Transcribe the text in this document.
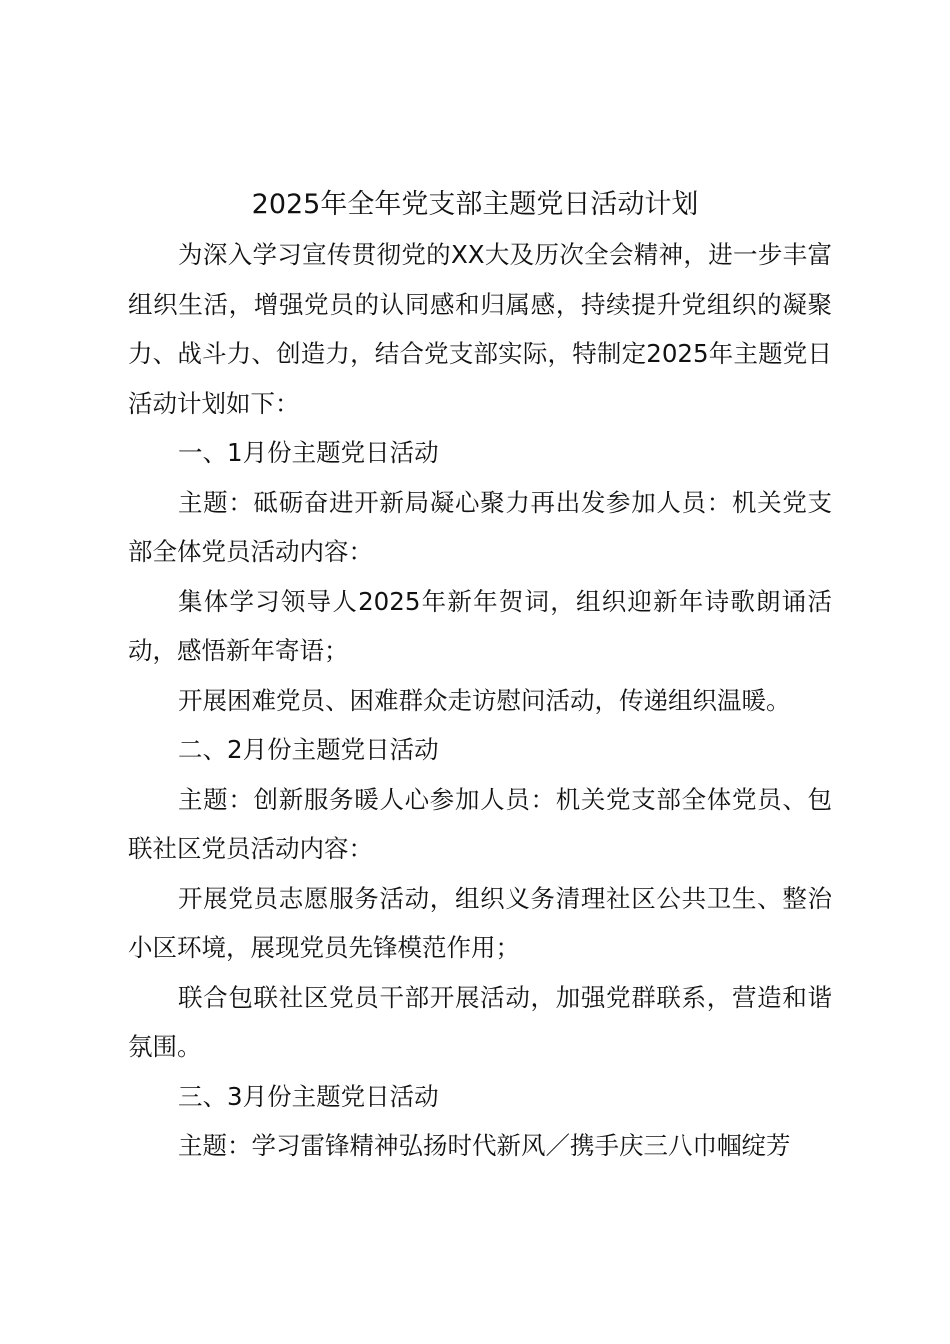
2025年全年党支部主题党日活动计划

为深入学习宣传贯彻党的XX大及历次全会精神，进一步丰富组织生活，增强党员的认同感和归属感，持续提升党组织的凝聚力、战斗力、创造力，结合党支部实际，特制定2025年主题党日活动计划如下：

一、1月份主题党日活动

主题：砥砺奋进开新局凝心聚力再出发参加人员：机关党支部全体党员活动内容：

集体学习领导人2025年新年贺词，组织迎新年诗歌朗诵活动，感悟新年寄语；

开展困难党员、困难群众走访慰问活动，传递组织温暖。

二、2月份主题党日活动

主题：创新服务暖人心参加人员：机关党支部全体党员、包联社区党员活动内容：

开展党员志愿服务活动，组织义务清理社区公共卫生、整治小区环境，展现党员先锋模范作用；

联合包联社区党员干部开展活动，加强党群联系，营造和谐氛围。

三、3月份主题党日活动

主题：学习雷锋精神弘扬时代新风／携手庆三八巾帼绽芳
